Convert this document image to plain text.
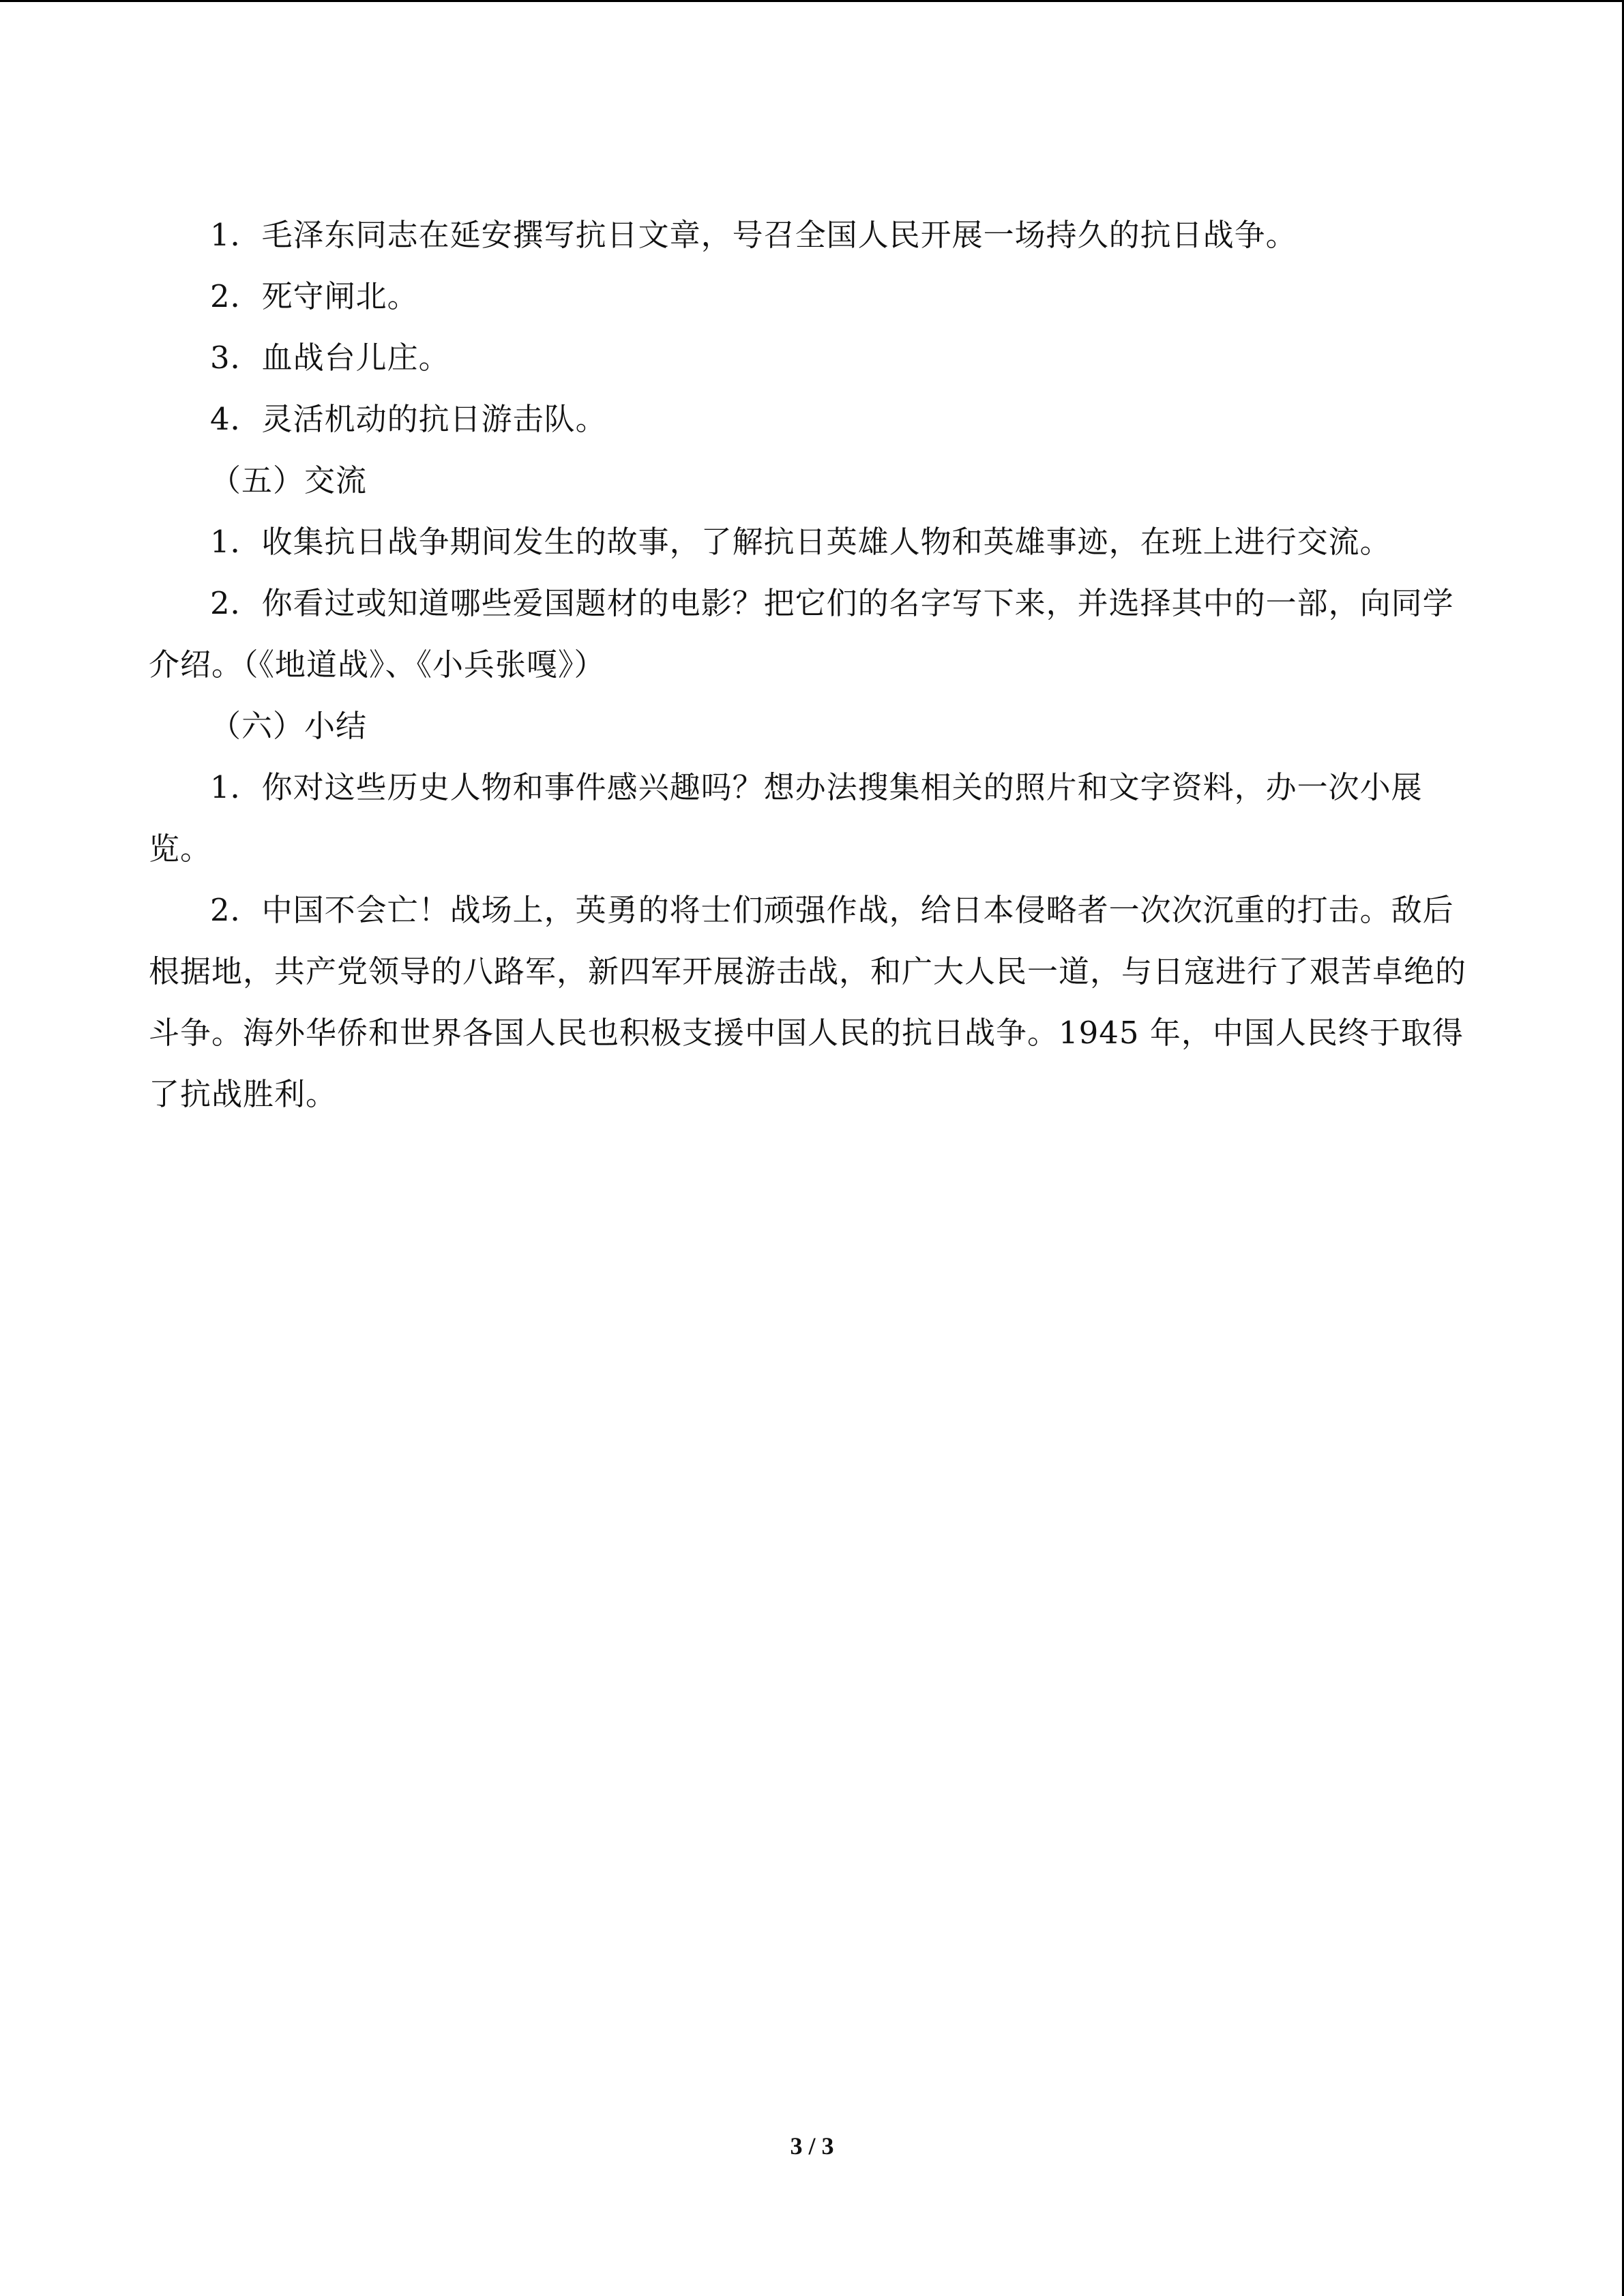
1．毛泽东同志在延安撰写抗日文章，号召全国人民开展一场持久的抗日战争。

2．死守闸北。

3．血战台儿庄。

4．灵活机动的抗日游击队。

（五）交流

1．收集抗日战争期间发生的故事，了解抗日英雄人物和英雄事迹，在班上进行交流。

2．你看过或知道哪些爱国题材的电影？把它们的名字写下来，并选择其中的一部，向同学介绍。（《地道战》、《小兵张嘎》）

（六）小结

1．你对这些历史人物和事件感兴趣吗？想办法搜集相关的照片和文字资料，办一次小展览。

2．中国不会亡！战场上，英勇的将士们顽强作战，给日本侵略者一次次沉重的打击。敌后根据地，共产党领导的八路军，新四军开展游击战，和广大人民一道，与日寇进行了艰苦卓绝的斗争。海外华侨和世界各国人民也积极支援中国人民的抗日战争。1945 年，中国人民终于取得了抗战胜利。

3 / 3
